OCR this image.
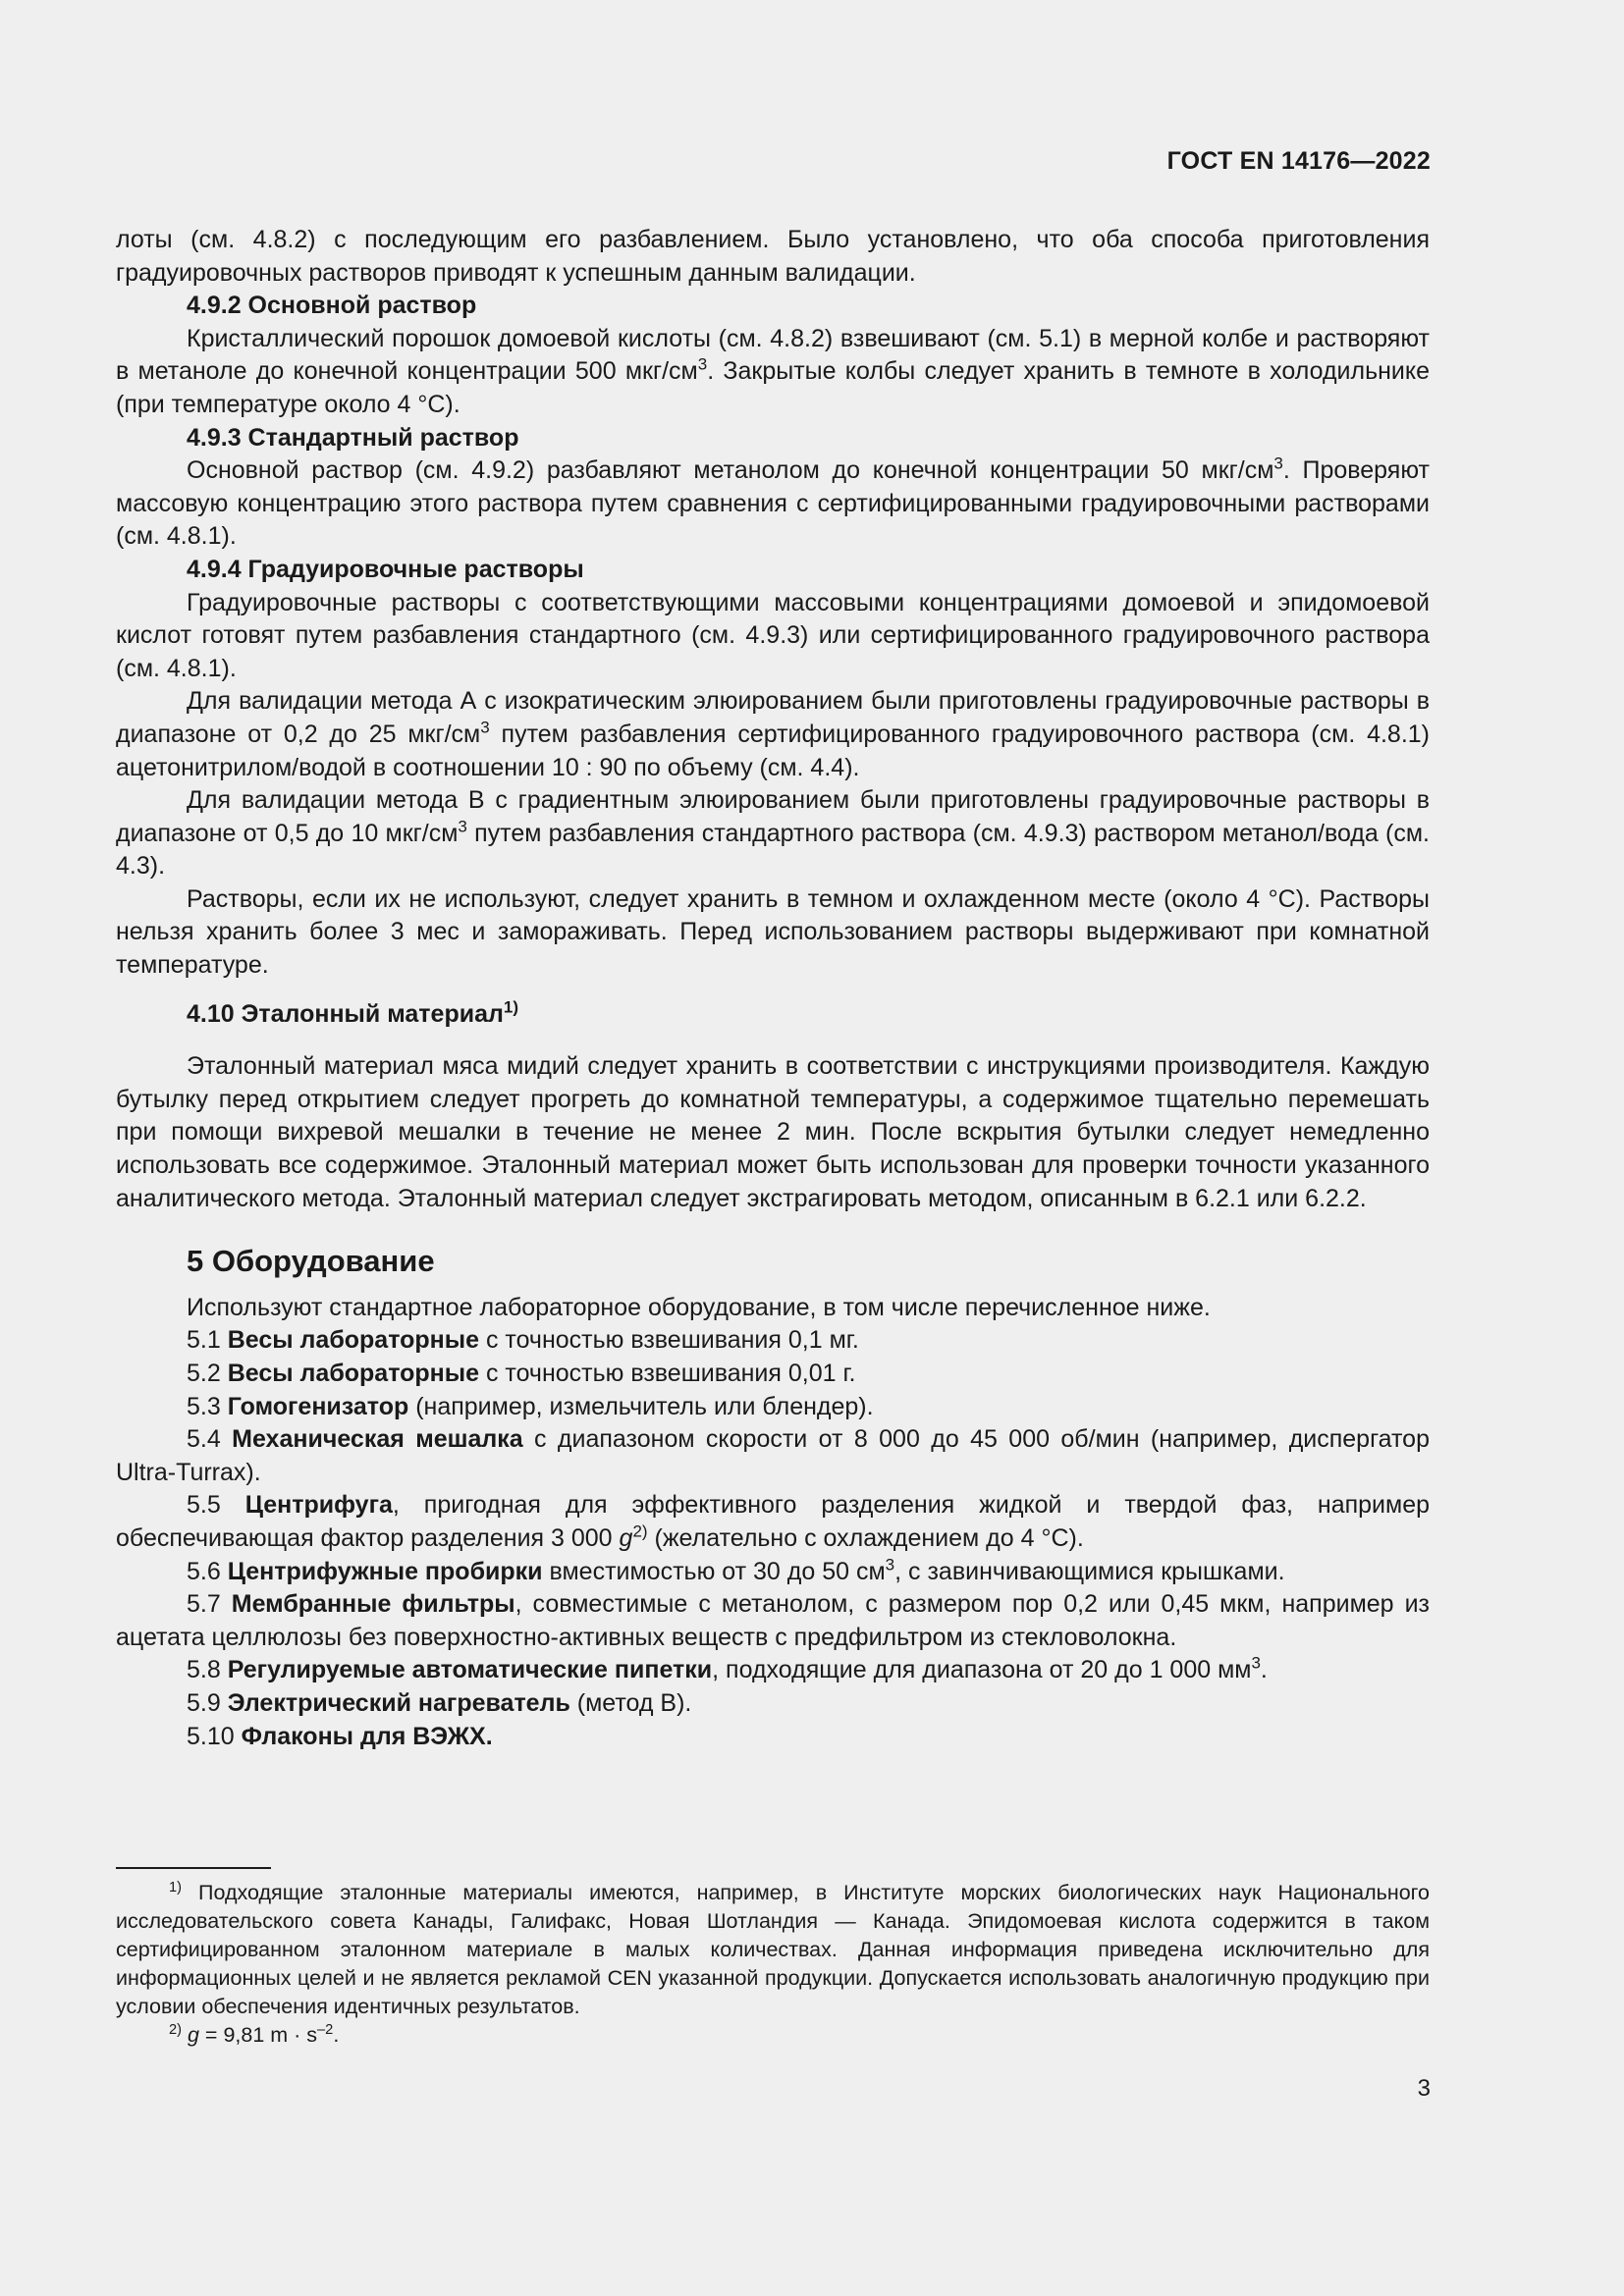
ГОСТ EN 14176—2022

лоты (см. 4.8.2) с последующим его разбавлением. Было установлено, что оба способа приготовления градуировочных растворов приводят к успешным данным валидации.

4.9.2 Основной раствор

Кристаллический порошок домоевой кислоты (см. 4.8.2) взвешивают (см. 5.1) в мерной колбе и растворяют в метаноле до конечной концентрации 500 мкг/$см^3$. Закрытые колбы следует хранить в темноте в холодильнике (при температуре около 4 °С).

4.9.3 Стандартный раствор

Основной раствор (см. 4.9.2) разбавляют метанолом до конечной концентрации 50 мкг/$см^3$. Проверяют массовую концентрацию этого раствора путем сравнения с сертифицированными градуировочными растворами (см. 4.8.1).

4.9.4 Градуировочные растворы

Градуировочные растворы с соответствующими массовыми концентрациями домоевой и эпидомоевой кислот готовят путем разбавления стандартного (см. 4.9.3) или сертифицированного градуировочного раствора (см. 4.8.1).

Для валидации метода А с изократическим элюированием были приготовлены градуировочные растворы в диапазоне от 0,2 до 25 мкг/$см^3$ путем разбавления сертифицированного градуировочного раствора (см. 4.8.1) ацетонитрилом/водой в соотношении 10 : 90 по объему (см. 4.4).

Для валидации метода В с градиентным элюированием были приготовлены градуировочные растворы в диапазоне от 0,5 до 10 мкг/$см^3$ путем разбавления стандартного раствора (см. 4.9.3) раствором метанол/вода (см. 4.3).

Растворы, если их не используют, следует хранить в темном и охлажденном месте (около 4 °С). Растворы нельзя хранить более 3 мес и замораживать. Перед использованием растворы выдерживают при комнатной температуре.

4.10 Эталонный материал$^{1)}$

Эталонный материал мяса мидий следует хранить в соответствии с инструкциями производителя. Каждую бутылку перед открытием следует прогреть до комнатной температуры, а содержимое тщательно перемешать при помощи вихревой мешалки в течение не менее 2 мин. После вскрытия бутылки следует немедленно использовать все содержимое. Эталонный материал может быть использован для проверки точности указанного аналитического метода. Эталонный материал следует экстрагировать методом, описанным в 6.2.1 или 6.2.2.

5 Оборудование

Используют стандартное лабораторное оборудование, в том числе перечисленное ниже.

5.1 Весы лабораторные с точностью взвешивания 0,1 мг.

5.2 Весы лабораторные с точностью взвешивания 0,01 г.

5.3 Гомогенизатор (например, измельчитель или блендер).

5.4 Механическая мешалка с диапазоном скорости от 8 000 до 45 000 об/мин (например, диспергатор Ultra-Turrax).

5.5 Центрифуга, пригодная для эффективного разделения жидкой и твердой фаз, например обеспечивающая фактор разделения 3 000 $g^{2)}$ (желательно с охлаждением до 4 °С).

5.6 Центрифужные пробирки вместимостью от 30 до 50 $см^3$, с завинчивающимися крышками.

5.7 Мембранные фильтры, совместимые с метанолом, с размером пор 0,2 или 0,45 мкм, например из ацетата целлюлозы без поверхностно-активных веществ с предфильтром из стекловолокна.

5.8 Регулируемые автоматические пипетки, подходящие для диапазона от 20 до 1 000 $мм^3$.

5.9 Электрический нагреватель (метод В).

5.10 Флаконы для ВЭЖХ.

$^{1)}$ Подходящие эталонные материалы имеются, например, в Институте морских биологических наук Национального исследовательского совета Канады, Галифакс, Новая Шотландия — Канада. Эпидомоевая кислота содержится в таком сертифицированном эталонном материале в малых количествах. Данная информация приведена исключительно для информационных целей и не является рекламой CEN указанной продукции. Допускается использовать аналогичную продукцию при условии обеспечения идентичных результатов.

$^{2)}$ g = 9,81 $m \cdot s^{-2}$.

3
